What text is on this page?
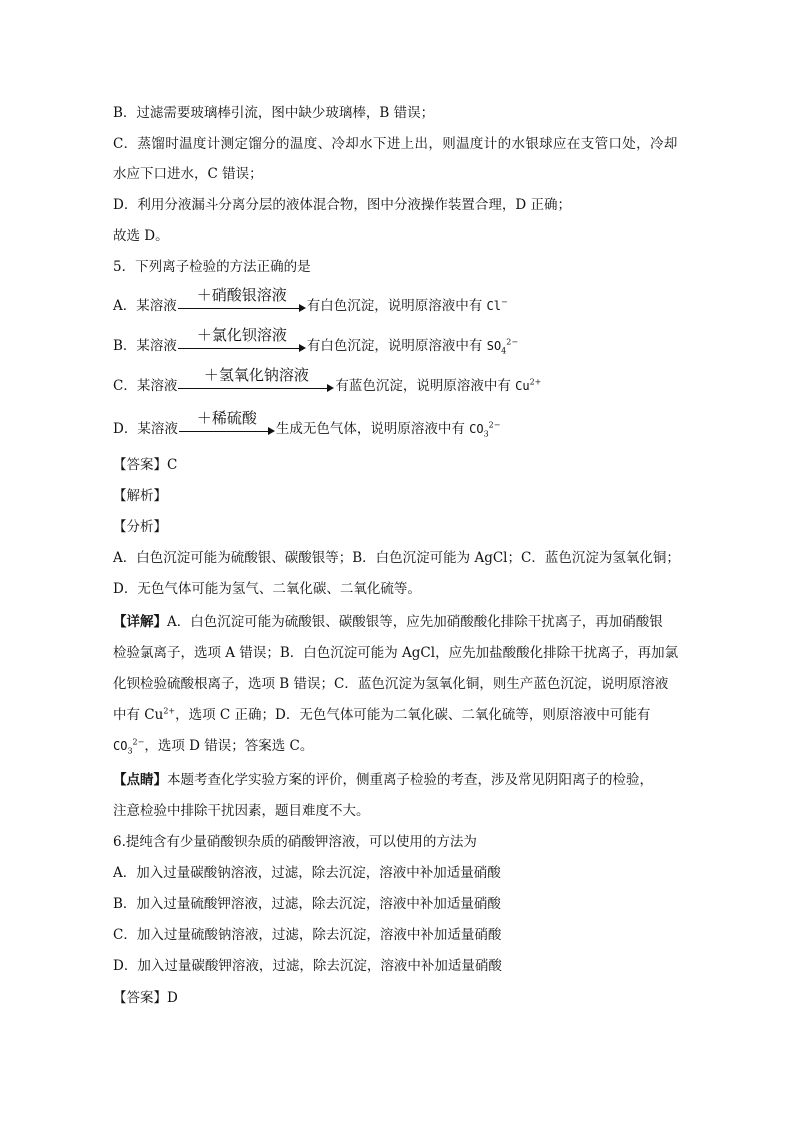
B．过滤需要玻璃棒引流，图中缺少玻璃棒，B 错误；
C．蒸馏时温度计测定馏分的温度、冷却水下进上出，则温度计的水银球应在支管口处，冷却
水应下口进水，C 错误；
D．利用分液漏斗分离分层的液体混合物，图中分液操作装置合理，D 正确；
故选 D。
5．下列离子检验的方法正确的是
A．某溶液
＋硝酸银溶液
有白色沉淀，说明原溶液中有 Cl−
B．某溶液
＋氯化钡溶液
有白色沉淀，说明原溶液中有 $SO_4^{2-}$
C．某溶液
＋氢氧化钠溶液
有蓝色沉淀，说明原溶液中有 $Cu^{2+}$
D．某溶液
＋稀硫酸
生成无色气体，说明原溶液中有 $CO_3^{2-}$
【答案】C
【解析】
【分析】
A．白色沉淀可能为硫酸银、碳酸银等；B．白色沉淀可能为 AgCl；C．蓝色沉淀为氢氧化铜；
D．无色气体可能为氢气、二氧化碳、二氧化硫等。
【详解】A．白色沉淀可能为硫酸银、碳酸银等，应先加硝酸酸化排除干扰离子，再加硝酸银
检验氯离子，选项 A 错误；B．白色沉淀可能为 AgCl，应先加盐酸酸化排除干扰离子，再加氯
化钡检验硫酸根离子，选项 B 错误；C．蓝色沉淀为氢氧化铜，则生产蓝色沉淀，说明原溶液
中有 $Cu^{2+}$，选项 C 正确；D．无色气体可能为二氧化碳、二氧化硫等，则原溶液中可能有
$CO_3^{2-}$，选项 D 错误；答案选 C。
【点睛】本题考查化学实验方案的评价，侧重离子检验的考查，涉及常见阴阳离子的检验，
注意检验中排除干扰因素，题目难度不大。
6.提纯含有少量硝酸钡杂质的硝酸钾溶液，可以使用的方法为
A．加入过量碳酸钠溶液，过滤，除去沉淀，溶液中补加适量硝酸
B．加入过量硫酸钾溶液，过滤，除去沉淀，溶液中补加适量硝酸
C．加入过量硫酸钠溶液，过滤，除去沉淀，溶液中补加适量硝酸
D．加入过量碳酸钾溶液，过滤，除去沉淀，溶液中补加适量硝酸
【答案】D
